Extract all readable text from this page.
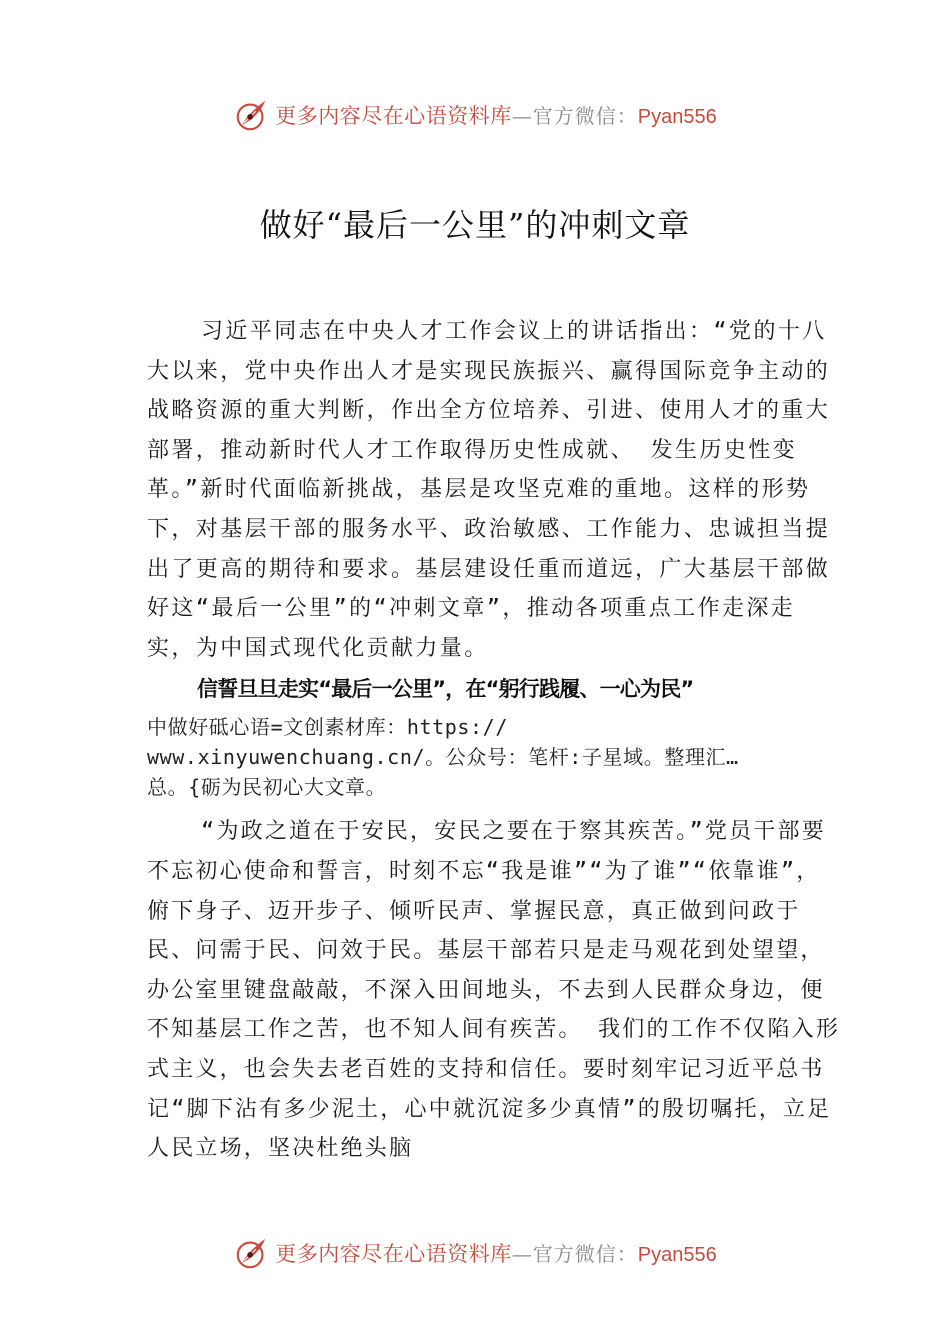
更多内容尽在心语资料库 — 官方微信： Pyan556
做好“最后一公里”的冲刺文章

习近平同志在中央人才工作会议上的讲话指出：“党的十八大以来，党中央作出人才是实现民族振兴、赢得国际竞争主动的战略资源的重大判断，作出全方位培养、引进、使用人才的重大部署，推动新时代人才工作取得历史性成就、 发生历史性变革。”新时代面临新挑战，基层是攻坚克难的重地。这样的形势下，对基层干部的服务水平、政治敏感、工作能力、忠诚担当提出了更高的期待和要求。基层建设任重而道远，广大基层干部做好这“最后一公里”的“冲刺文章”，推动各项重点工作走深走实，为中国式现代化贡献力量。

信誓旦旦走实“最后一公里”，在“躬行践履、一心为民”
中做好砥心语=文创素材库：https://
www.xinyuwenchuang.cn/。公众号：笔杆:子星域。整理汇…
总。{砺为民初心大文章。

“为政之道在于安民，安民之要在于察其疾苦。”党员干部要不忘初心使命和誓言，时刻不忘“我是谁”“为了谁”“依靠谁”，俯下身子、迈开步子、倾听民声、掌握民意，真正做到问政于民、问需于民、问效于民。基层干部若只是走马观花到处望望，办公室里键盘敲敲，不深入田间地头，不去到人民群众身边，便不知基层工作之苦，也不知人间有疾苦。 我们的工作不仅陷入形式主义，也会失去老百姓的支持和信任。要时刻牢记习近平总书记“脚下沾有多少泥土，心中就沉淀多少真情”的殷切嘱托，立足人民立场，坚决杜绝头脑

更多内容尽在心语资料库 — 官方微信： Pyan556
